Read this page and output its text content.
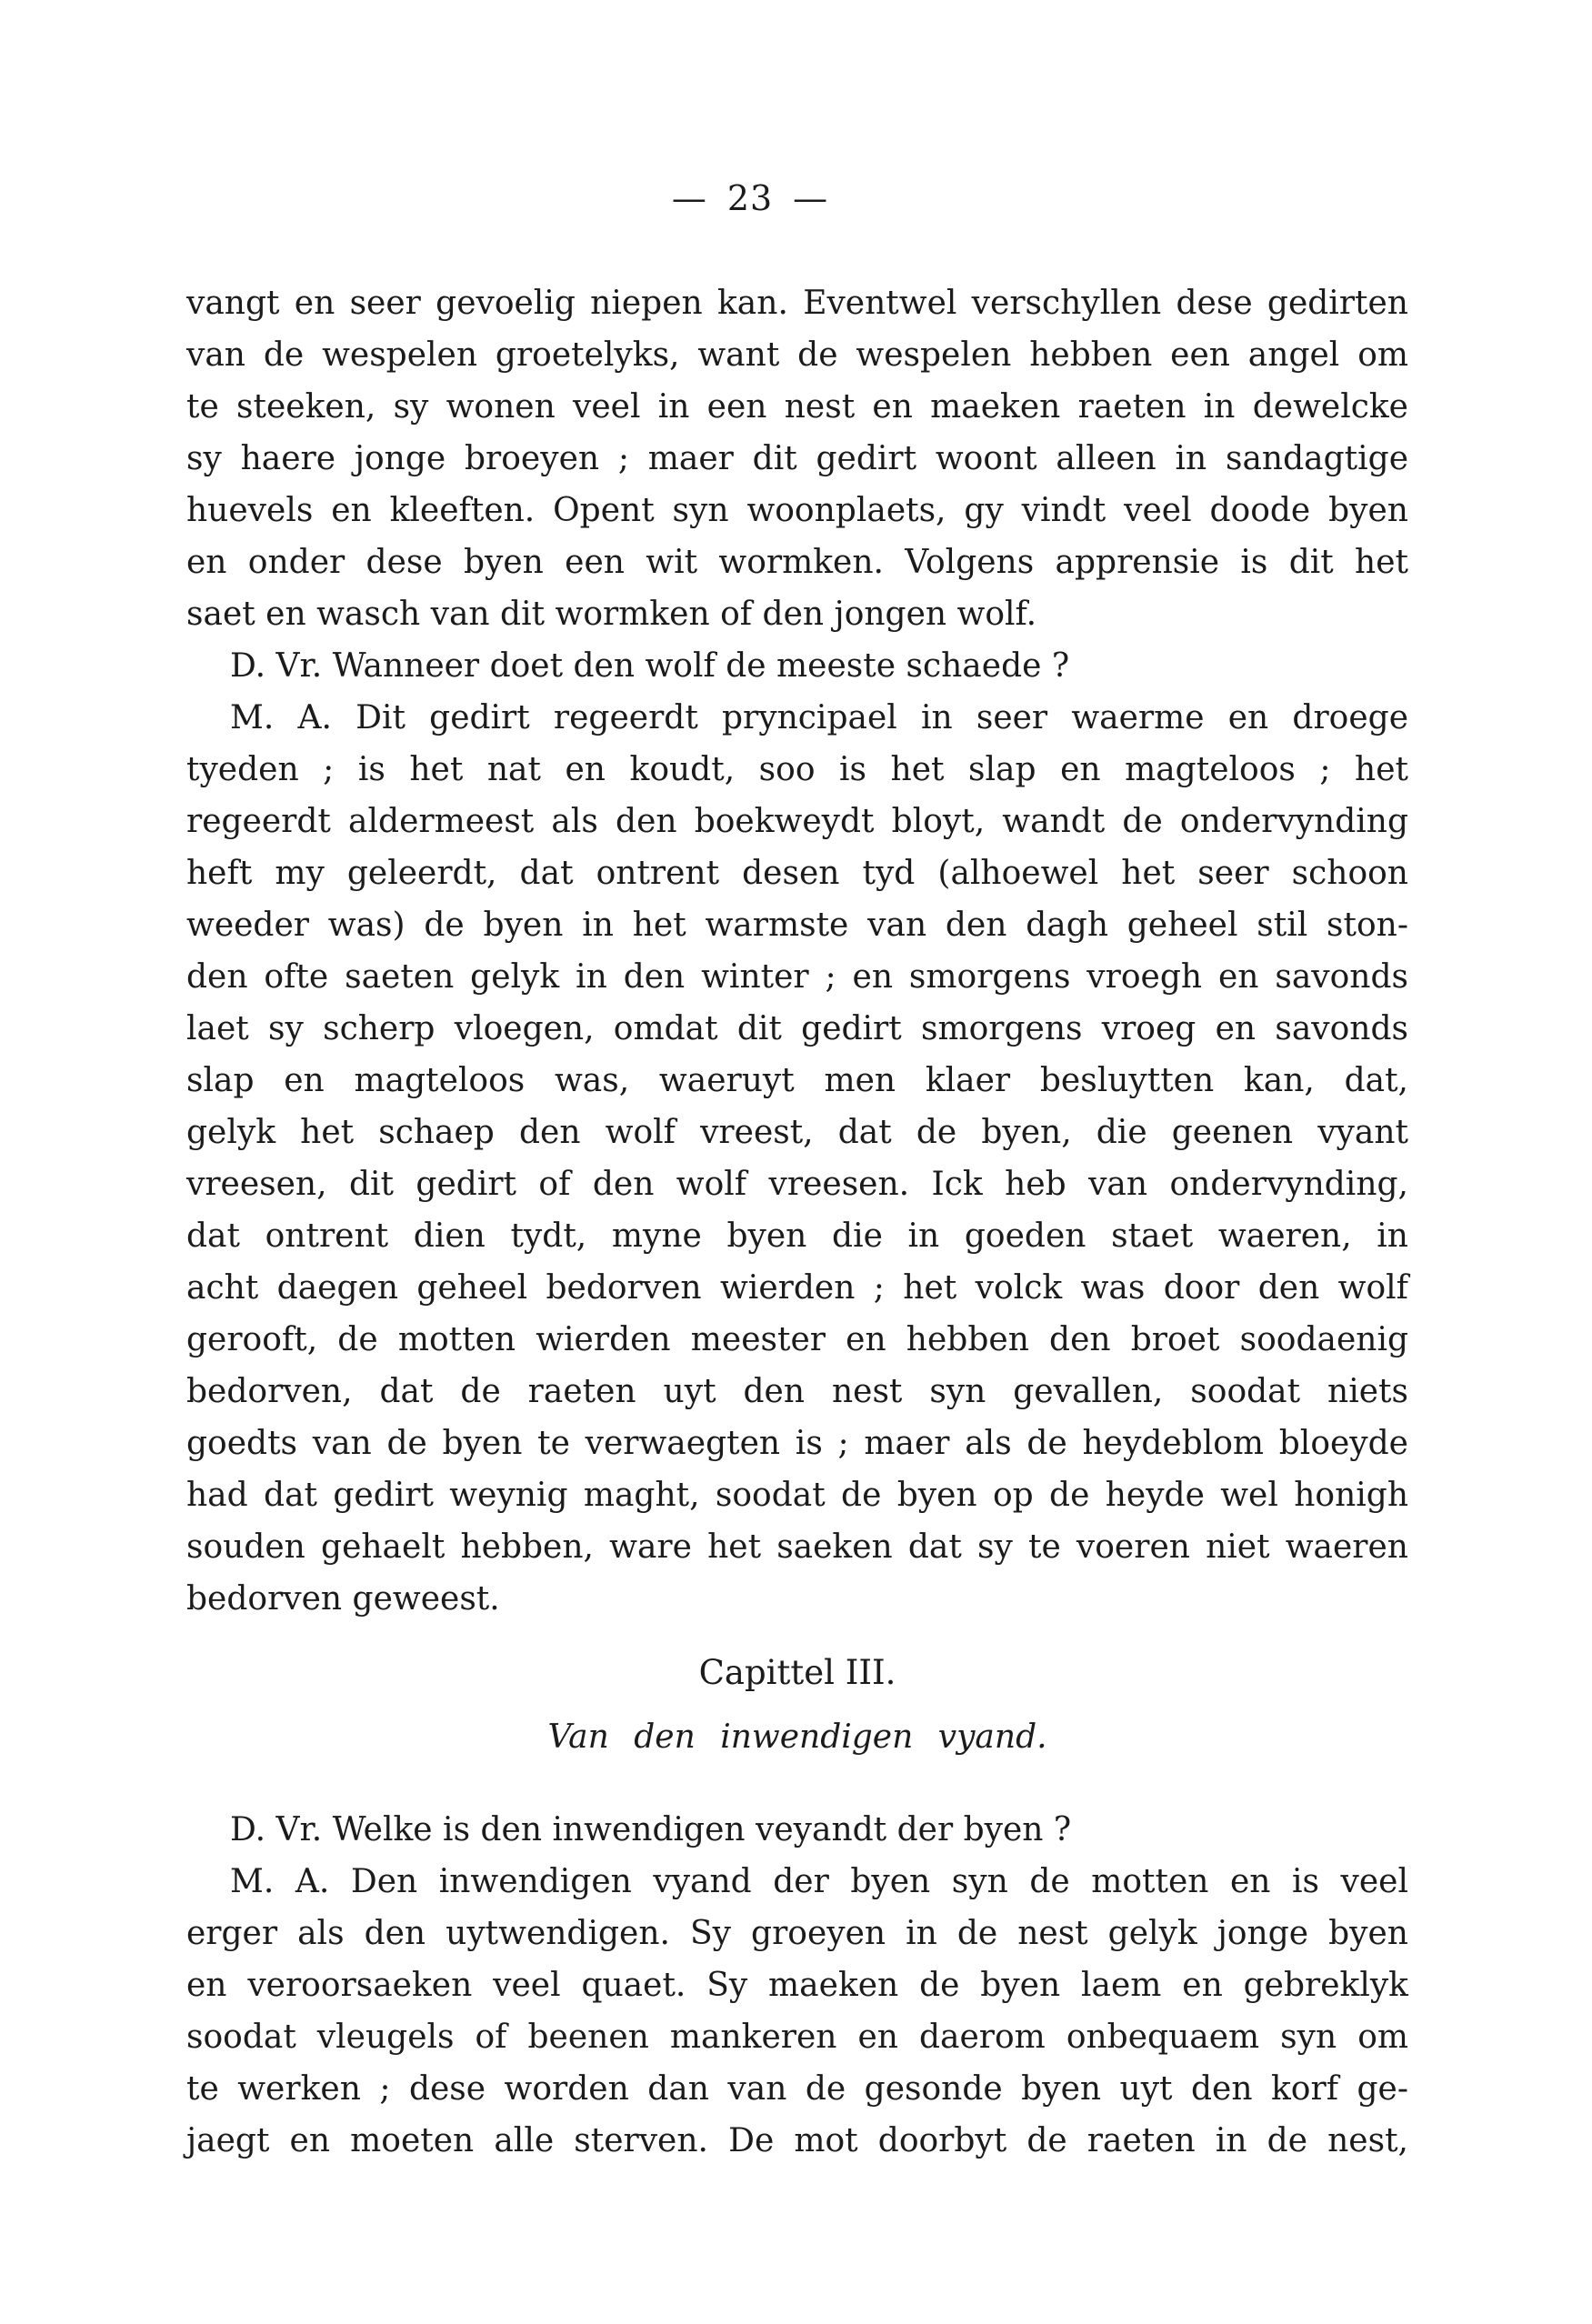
— 23 —
vangt en seer gevoelig niepen kan. Eventwel verschyllen dese gedirten
van de wespelen groetelyks, want de wespelen hebben een angel om
te steeken, sy wonen veel in een nest en maeken raeten in dewelcke
sy haere jonge broeyen ; maer dit gedirt woont alleen in sandagtige
huevels en kleeften. Opent syn woonplaets, gy vindt veel doode byen
en onder dese byen een wit wormken. Volgens apprensie is dit het
saet en wasch van dit wormken of den jongen wolf.
D. Vr. Wanneer doet den wolf de meeste schaede ?
M. A. Dit gedirt regeerdt pryncipael in seer waerme en droege
tyeden ; is het nat en koudt, soo is het slap en magteloos ; het
regeerdt aldermeest als den boekweydt bloyt, wandt de ondervynding
heft my geleerdt, dat ontrent desen tyd (alhoewel het seer schoon
weeder was) de byen in het warmste van den dagh geheel stil ston-
den ofte saeten gelyk in den winter ; en smorgens vroegh en savonds
laet sy scherp vloegen, omdat dit gedirt smorgens vroeg en savonds
slap en magteloos was, waeruyt men klaer besluytten kan, dat,
gelyk het schaep den wolf vreest, dat de byen, die geenen vyant
vreesen, dit gedirt of den wolf vreesen. Ick heb van ondervynding,
dat ontrent dien tydt, myne byen die in goeden staet waeren, in
acht daegen geheel bedorven wierden ; het volck was door den wolf
gerooft, de motten wierden meester en hebben den broet soodaenig
bedorven, dat de raeten uyt den nest syn gevallen, soodat niets
goedts van de byen te verwaegten is ; maer als de heydeblom bloeyde
had dat gedirt weynig maght, soodat de byen op de heyde wel honigh
souden gehaelt hebben, ware het saeken dat sy te voeren niet waeren
bedorven geweest.
Capittel III.
Van den inwendigen vyand.
D. Vr. Welke is den inwendigen veyandt der byen ?
M. A. Den inwendigen vyand der byen syn de motten en is veel
erger als den uytwendigen. Sy groeyen in de nest gelyk jonge byen
en veroorsaeken veel quaet. Sy maeken de byen laem en gebreklyk
soodat vleugels of beenen mankeren en daerom onbequaem syn om
te werken ; dese worden dan van de gesonde byen uyt den korf ge-
jaegt en moeten alle sterven. De mot doorbyt de raeten in de nest,
